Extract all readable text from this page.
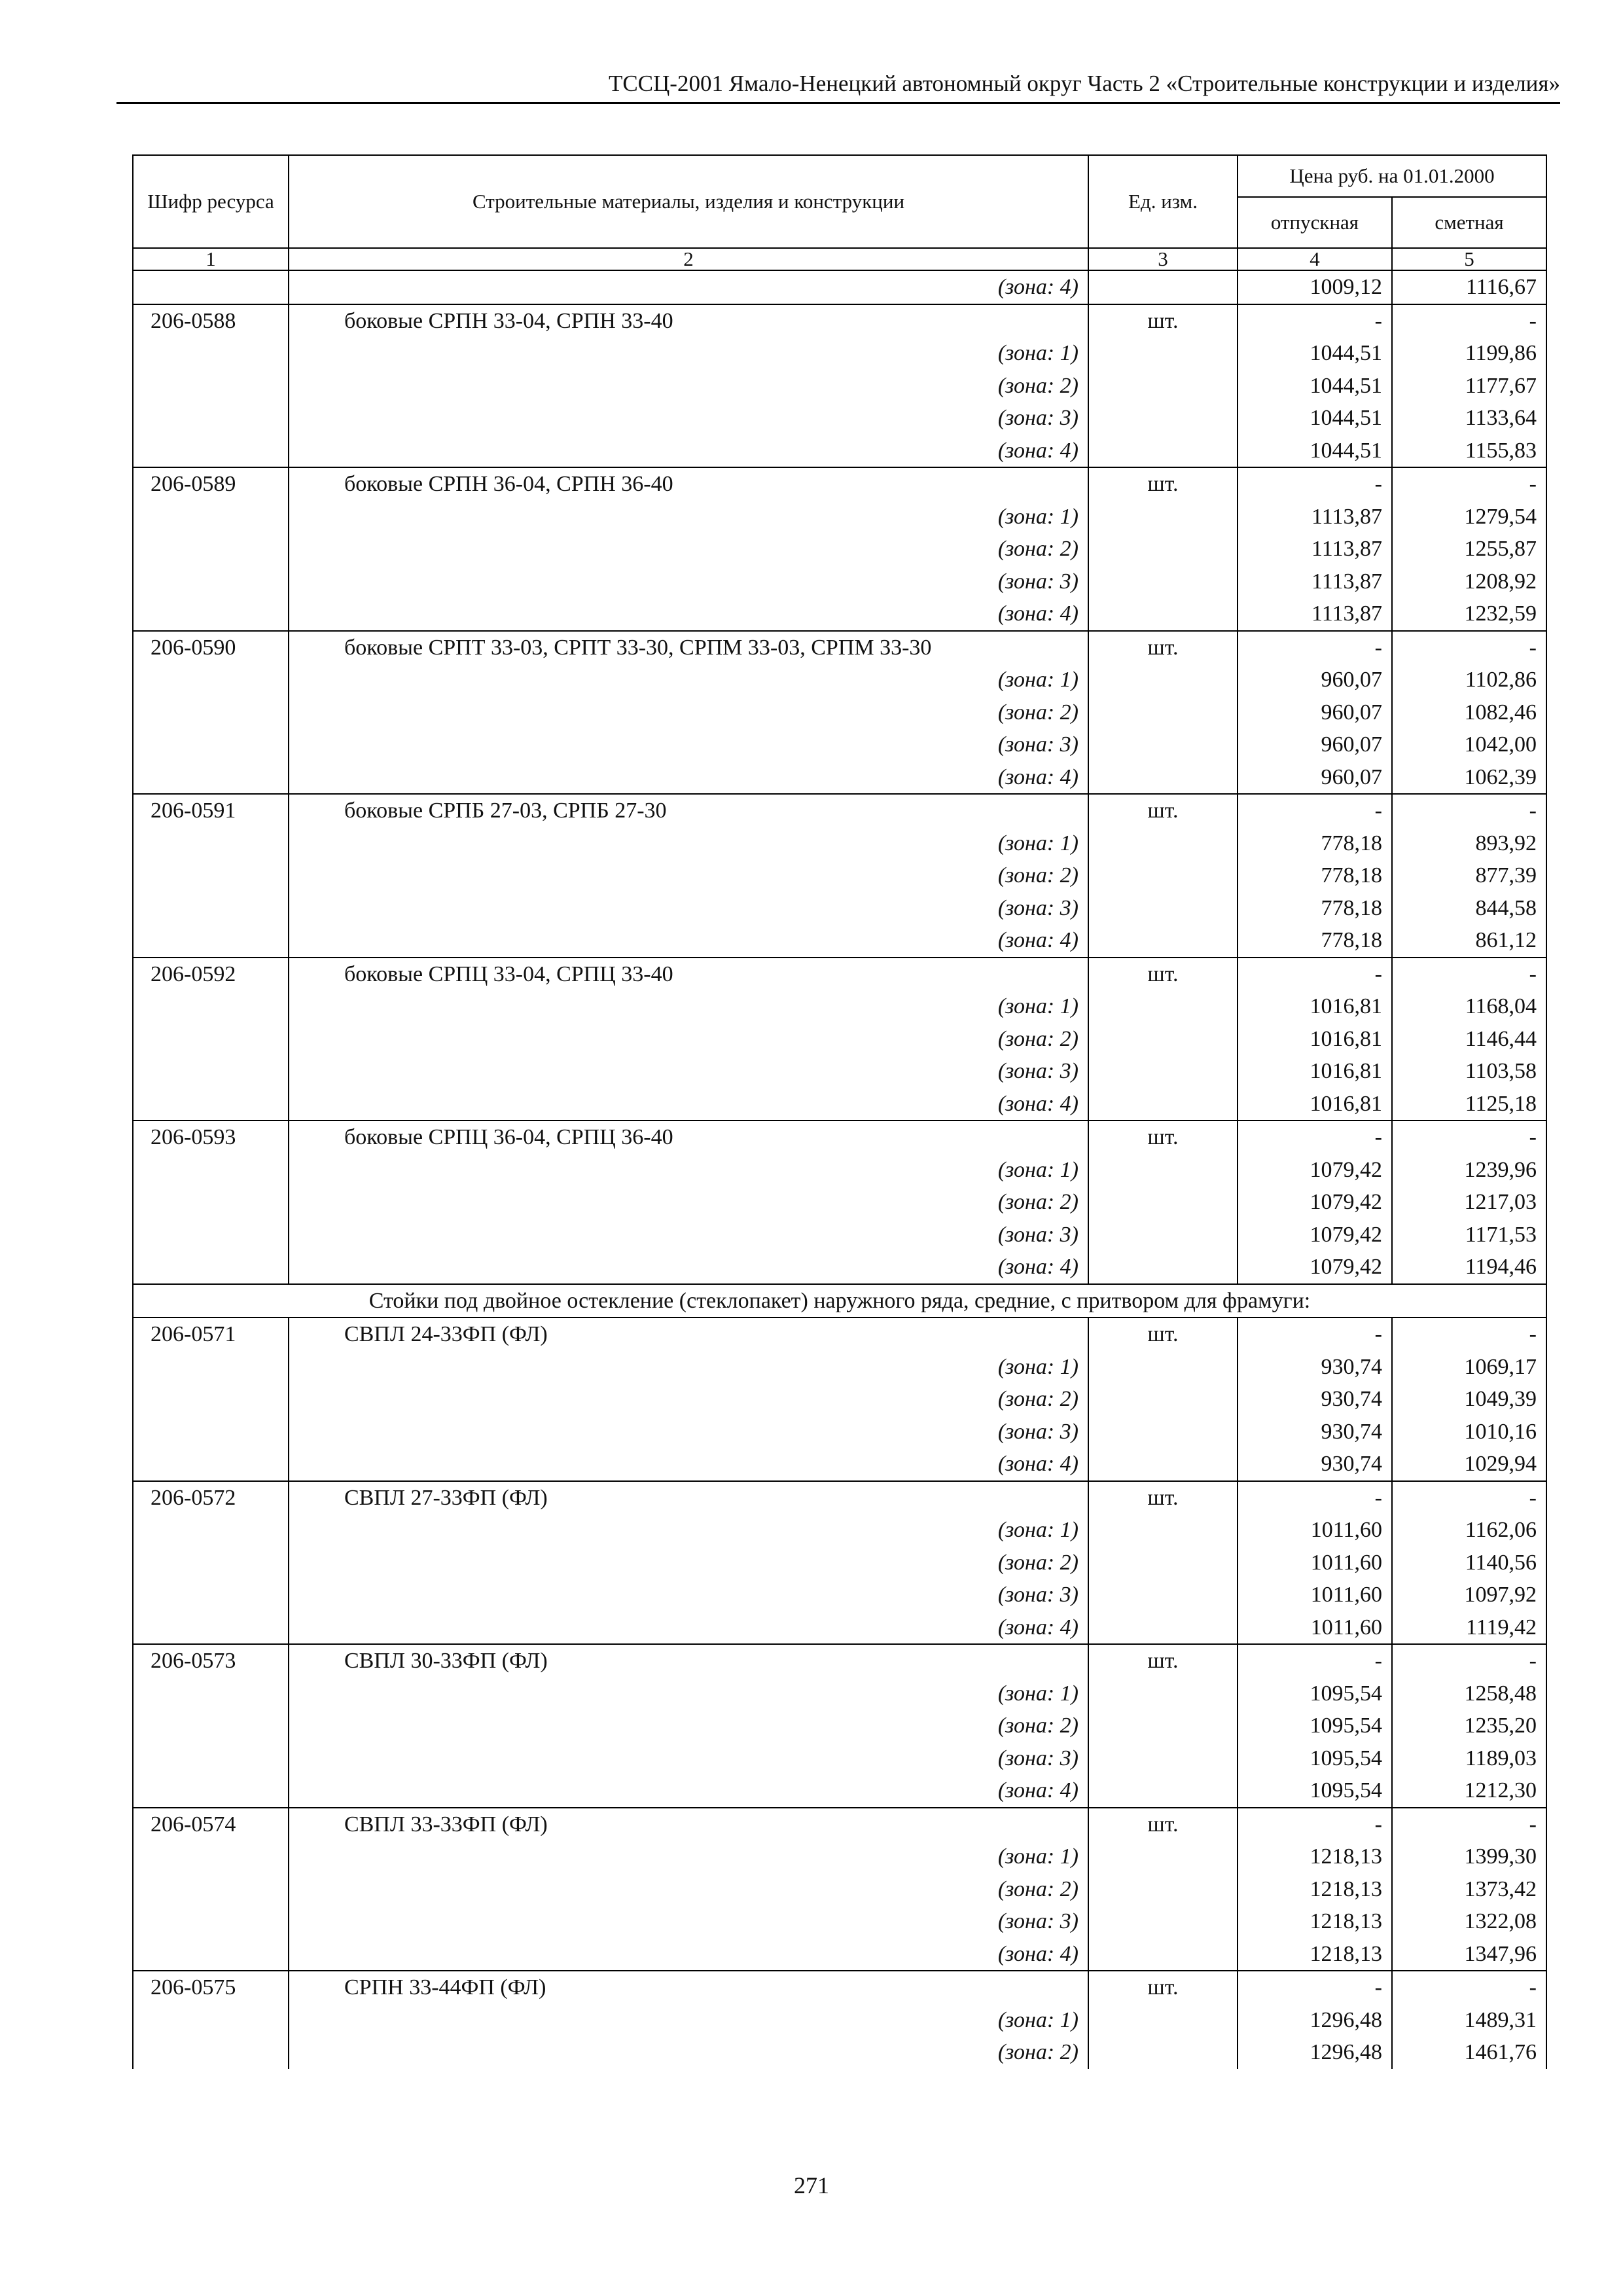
ТССЦ-2001 Ямало-Ненецкий автономный округ Часть 2 «Строительные конструкции и изделия»
Шифр ресурса	Строительные материалы, изделия и конструкции	Ед. изм.	Цена руб. на 01.01.2000	
			отпускная	сметная
1	2	3	4	5
	(зона: 4)		1009,12	1116,67
206-0588	боковые СРПН 33-04, СРПН 33-40	шт.	-	-
	(зона: 1)		1044,51	1199,86
	(зона: 2)		1044,51	1177,67
	(зона: 3)		1044,51	1133,64
	(зона: 4)		1044,51	1155,83
206-0589	боковые СРПН 36-04, СРПН 36-40	шт.	-	-
	(зона: 1)		1113,87	1279,54
	(зона: 2)		1113,87	1255,87
	(зона: 3)		1113,87	1208,92
	(зона: 4)		1113,87	1232,59
206-0590	боковые СРПТ 33-03, СРПТ 33-30, СРПМ 33-03, СРПМ 33-30	шт.	-	-
	(зона: 1)		960,07	1102,86
	(зона: 2)		960,07	1082,46
	(зона: 3)		960,07	1042,00
	(зона: 4)		960,07	1062,39
206-0591	боковые СРПБ 27-03, СРПБ 27-30	шт.	-	-
	(зона: 1)		778,18	893,92
	(зона: 2)		778,18	877,39
	(зона: 3)		778,18	844,58
	(зона: 4)		778,18	861,12
206-0592	боковые СРПЦ 33-04, СРПЦ 33-40	шт.	-	-
	(зона: 1)		1016,81	1168,04
	(зона: 2)		1016,81	1146,44
	(зона: 3)		1016,81	1103,58
	(зона: 4)		1016,81	1125,18
206-0593	боковые СРПЦ 36-04, СРПЦ 36-40	шт.	-	-
	(зона: 1)		1079,42	1239,96
	(зона: 2)		1079,42	1217,03
	(зона: 3)		1079,42	1171,53
	(зона: 4)		1079,42	1194,46
Стойки под двойное остекление (стеклопакет) наружного ряда, средние, с притвором для фрамуги:				
206-0571	СВПЛ 24-33ФП (ФЛ)	шт.	-	-
	(зона: 1)		930,74	1069,17
	(зона: 2)		930,74	1049,39
	(зона: 3)		930,74	1010,16
	(зона: 4)		930,74	1029,94
206-0572	СВПЛ 27-33ФП (ФЛ)	шт.	-	-
	(зона: 1)		1011,60	1162,06
	(зона: 2)		1011,60	1140,56
	(зона: 3)		1011,60	1097,92
	(зона: 4)		1011,60	1119,42
206-0573	СВПЛ 30-33ФП (ФЛ)	шт.	-	-
	(зона: 1)		1095,54	1258,48
	(зона: 2)		1095,54	1235,20
	(зона: 3)		1095,54	1189,03
	(зона: 4)		1095,54	1212,30
206-0574	СВПЛ 33-33ФП (ФЛ)	шт.	-	-
	(зона: 1)		1218,13	1399,30
	(зона: 2)		1218,13	1373,42
	(зона: 3)		1218,13	1322,08
	(зона: 4)		1218,13	1347,96
206-0575	СРПН 33-44ФП (ФЛ)	шт.	-	-
	(зона: 1)		1296,48	1489,31
	(зона: 2)		1296,48	1461,76
271
